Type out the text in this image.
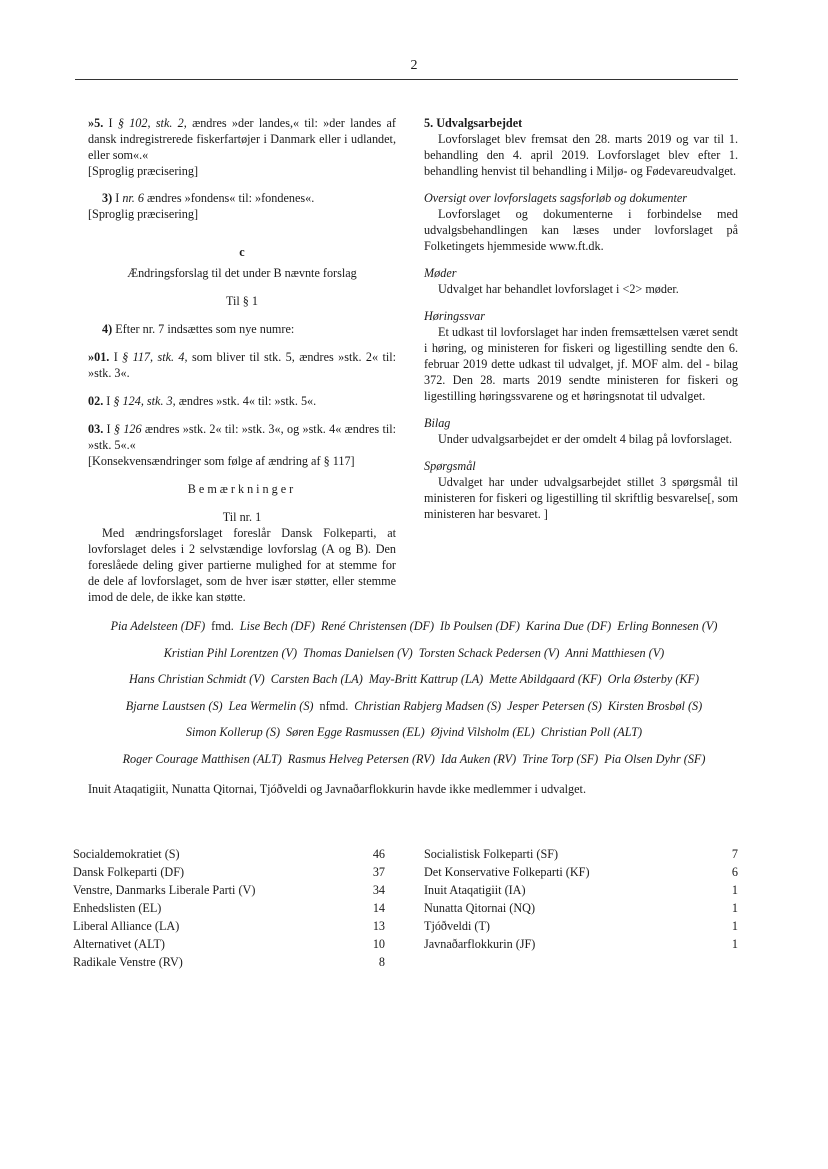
2

»5. I § 102, stk. 2, ændres »der landes,« til: »der landes af dansk indregistrerede fiskerfartøjer i Danmark eller i udlandet, eller som«.«

[Sproglig præcisering]

3) I nr. 6 ændres »fondens« til: »fondenes«.

[Sproglig præcisering]

c

Ændringsforslag til det under B nævnte forslag

Til § 1

4) Efter nr. 7 indsættes som nye numre:

»01. I § 117, stk. 4, som bliver til stk. 5, ændres »stk. 2« til: »stk. 3«.

02. I § 124, stk. 3, ændres »stk. 4« til: »stk. 5«.

03. I § 126 ændres »stk. 2« til: »stk. 3«, og »stk. 4« ændres til: »stk. 5«.«

[Konsekvensændringer som følge af ændring af § 117]

Bemærkninger

Til nr. 1

Med ændringsforslaget foreslår Dansk Folkeparti, at lovforslaget deles i 2 selvstændige lovforslag (A og B). Den foreslåede deling giver partierne mulighed for at stemme for de dele af lovforslaget, som de hver især støtter, eller stemme imod de dele, de ikke kan støtte.

5. Udvalgsarbejdet

Lovforslaget blev fremsat den 28. marts 2019 og var til 1. behandling den 4. april 2019. Lovforslaget blev efter 1. behandling henvist til behandling i Miljø- og Fødevareudvalget.

Oversigt over lovforslagets sagsforløb og dokumenter

Lovforslaget og dokumenterne i forbindelse med udvalgsbehandlingen kan læses under lovforslaget på Folketingets hjemmeside www.ft.dk.

Møder

Udvalget har behandlet lovforslaget i <2> møder.

Høringssvar

Et udkast til lovforslaget har inden fremsættelsen været sendt i høring, og ministeren for fiskeri og ligestilling sendte den 6. februar 2019 dette udkast til udvalget, jf. MOF alm. del - bilag 372. Den 28. marts 2019 sendte ministeren for fiskeri og ligestilling høringssvarene og et høringsnotat til udvalget.

Bilag

Under udvalgsarbejdet er der omdelt 4 bilag på lovforslaget.

Spørgsmål

Udvalget har under udvalgsarbejdet stillet 3 spørgsmål til ministeren for fiskeri og ligestilling til skriftlig besvarelse[, som ministeren har besvaret. ]

Pia Adelsteen (DF) fmd. Lise Bech (DF) René Christensen (DF) Ib Poulsen (DF) Karina Due (DF) Erling Bonnesen (V)
Kristian Pihl Lorentzen (V) Thomas Danielsen (V) Torsten Schack Pedersen (V) Anni Matthiesen (V)
Hans Christian Schmidt (V) Carsten Bach (LA) May-Britt Kattrup (LA) Mette Abildgaard (KF) Orla Østerby (KF)
Bjarne Laustsen (S) Lea Wermelin (S) nfmd. Christian Rabjerg Madsen (S) Jesper Petersen (S) Kirsten Brosbøl (S)
Simon Kollerup (S) Søren Egge Rasmussen (EL) Øjvind Vilsholm (EL) Christian Poll (ALT)
Roger Courage Matthisen (ALT) Rasmus Helveg Petersen (RV) Ida Auken (RV) Trine Torp (SF) Pia Olsen Dyhr (SF)
Inuit Ataqatigiit, Nunatta Qitornai, Tjóðveldi og Javnaðarflokkurin havde ikke medlemmer i udvalget.
Socialdemokratiet (S)	46
Dansk Folkeparti (DF)	37
Venstre, Danmarks Liberale Parti (V)	34
Enhedslisten (EL)	14
Liberal Alliance (LA)	13
Alternativet (ALT)	10
Radikale Venstre (RV)	8
Socialistisk Folkeparti (SF)	7
Det Konservative Folkeparti (KF)	6
Inuit Ataqatigiit (IA)	1
Nunatta Qitornai (NQ)	1
Tjóðveldi (T)	1
Javnaðarflokkurin (JF)	1
